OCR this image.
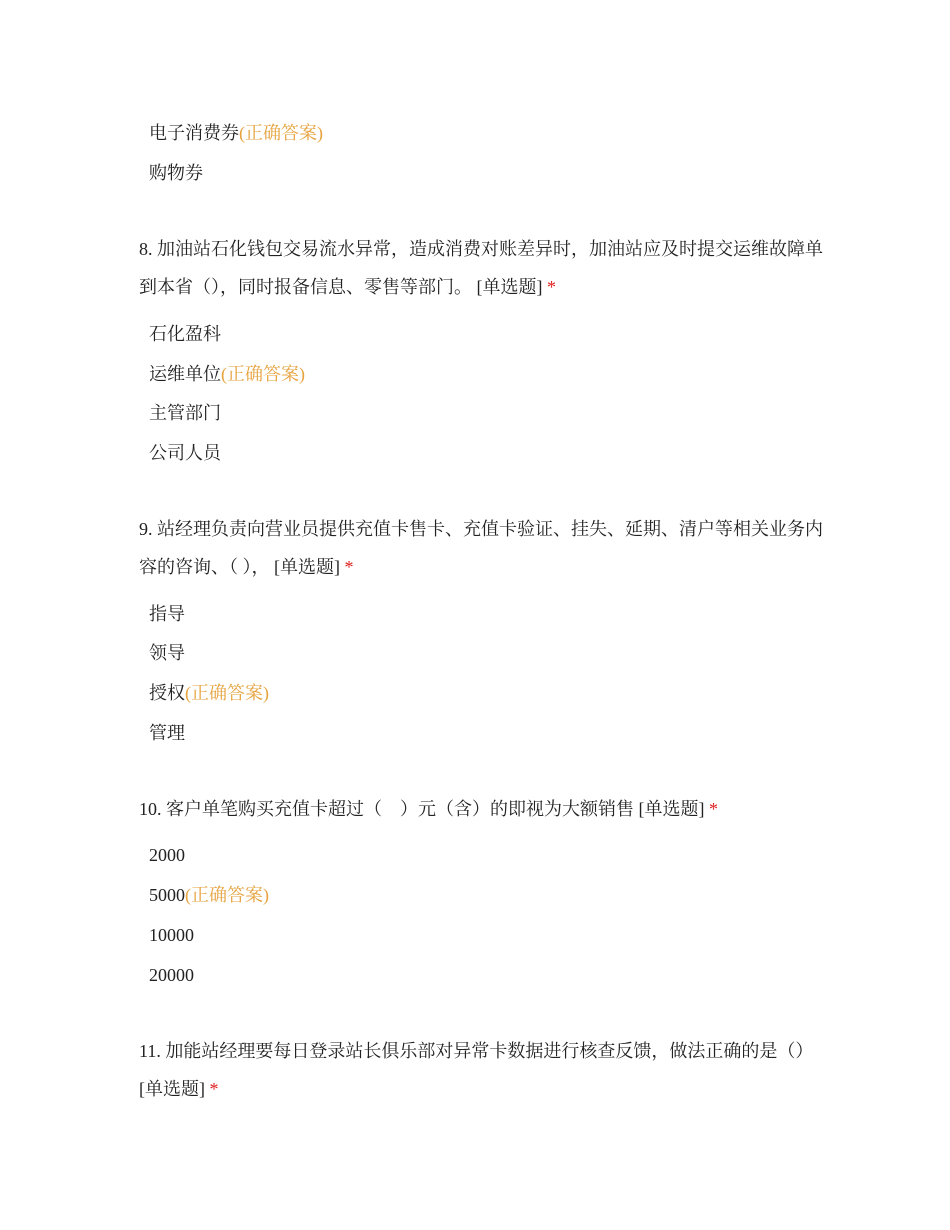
电子消费券(正确答案)
购物券
8. 加油站石化钱包交易流水异常，造成消费对账差异时，加油站应及时提交运维故障单到本省（），同时报备信息、零售等部门。 [单选题] *
石化盈科
运维单位(正确答案)
主管部门
公司人员
9. 站经理负责向营业员提供充值卡售卡、充值卡验证、挂失、延期、清户等相关业务内容的咨询、（ ）， [单选题] *
指导
领导
授权(正确答案)
管理
10. 客户单笔购买充值卡超过（　）元（含）的即视为大额销售 [单选题] *
2000
5000(正确答案)
10000
20000
11. 加能站经理要每日登录站长俱乐部对异常卡数据进行核查反馈，做法正确的是（） [单选题] *
